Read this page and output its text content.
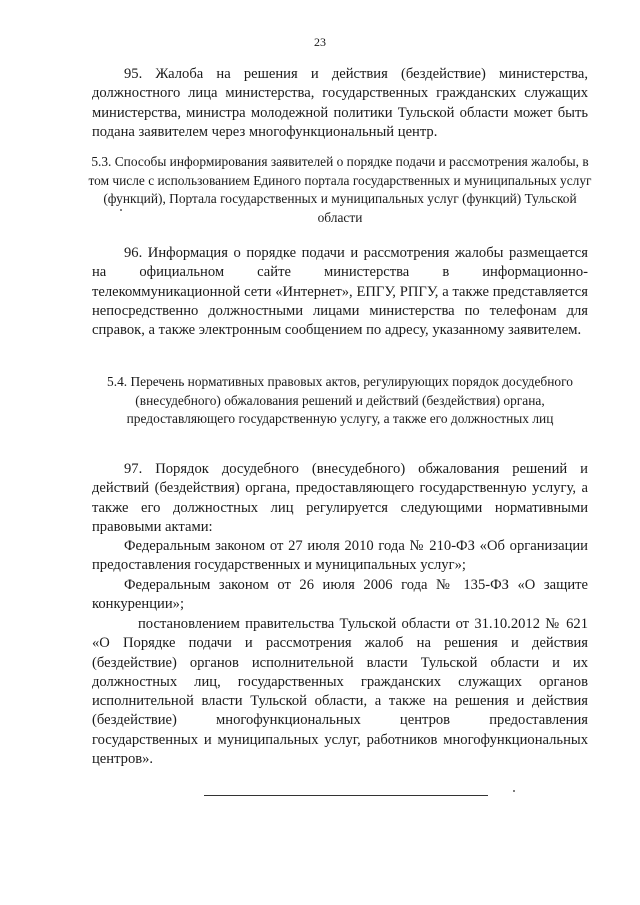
23
95. Жалоба на решения и действия (бездействие) министерства, должностного лица министерства, государственных гражданских служащих министерства, министра молодежной политики Тульской области может быть подана заявителем через многофункциональный центр.
5.3. Способы информирования заявителей о порядке подачи и рассмотрения жалобы, в том числе с использованием Единого портала государственных и муниципальных услуг (функций), Портала государственных и муниципальных услуг (функций) Тульской области
96. Информация о порядке подачи и рассмотрения жалобы размещается на официальном сайте министерства в информационно-телекоммуникационной сети «Интернет», ЕПГУ, РПГУ, а также представляется непосредственно должностными лицами министерства по телефонам для справок, а также электронным сообщением по адресу, указанному заявителем.
5.4. Перечень нормативных правовых актов, регулирующих порядок досудебного (внесудебного) обжалования решений и действий (бездействия) органа, предоставляющего государственную услугу, а также его должностных лиц
97. Порядок досудебного (внесудебного) обжалования решений и действий (бездействия) органа, предоставляющего государственную услугу, а также его должностных лиц регулируется следующими нормативными правовыми актами:
Федеральным законом от 27 июля 2010 года № 210-ФЗ «Об организации предоставления государственных и муниципальных услуг»;
Федеральным законом от 26 июля 2006 года № 135-ФЗ «О защите конкуренции»;
постановлением правительства Тульской области от 31.10.2012 № 621 «О Порядке подачи и рассмотрения жалоб на решения и действия (бездействие) органов исполнительной власти Тульской области и их должностных лиц, государственных гражданских служащих органов исполнительной власти Тульской области, а также на решения и действия (бездействие) многофункциональных центров предоставления государственных и муниципальных услуг, работников многофункциональных центров».
